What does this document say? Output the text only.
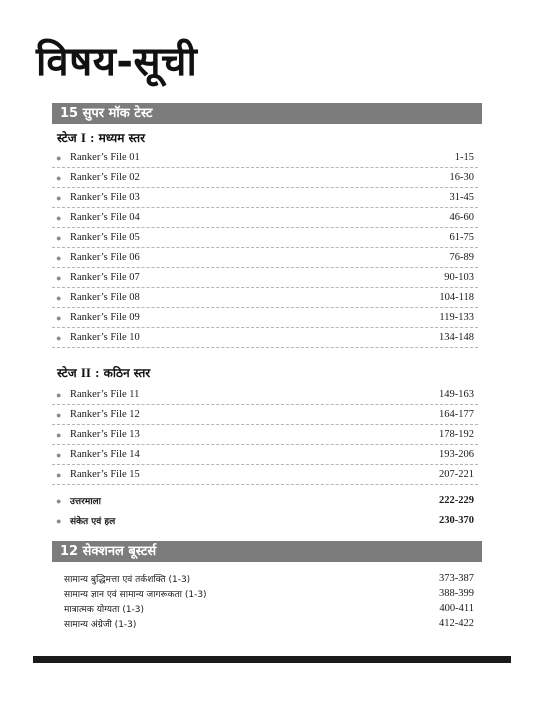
विषय-सूची
15 सुपर मॉक टेस्ट
स्टेज I : मध्यम स्तर
● Ranker’s File 01	1-15
● Ranker’s File 02	16-30
● Ranker’s File 03	31-45
● Ranker’s File 04	46-60
● Ranker’s File 05	61-75
● Ranker’s File 06	76-89
● Ranker’s File 07	90-103
● Ranker’s File 08	104-118
● Ranker’s File 09	119-133
● Ranker’s File 10	134-148
स्टेज II : कठिन स्तर
● Ranker’s File 11	149-163
● Ranker’s File 12	164-177
● Ranker’s File 13	178-192
● Ranker’s File 14	193-206
● Ranker’s File 15	207-221
● उत्तरमाला	222-229
● संकेत एवं हल	230-370
12 सेक्शनल बूस्टर्स
सामान्य बुद्धिमत्ता एवं तर्कशक्ति (1-3)	373-387
सामान्य ज्ञान एवं सामान्य जागरूकता (1-3)	388-399
मात्रात्मक योग्यता (1-3)	400-411
सामान्य अंग्रेजी (1-3)	412-422
